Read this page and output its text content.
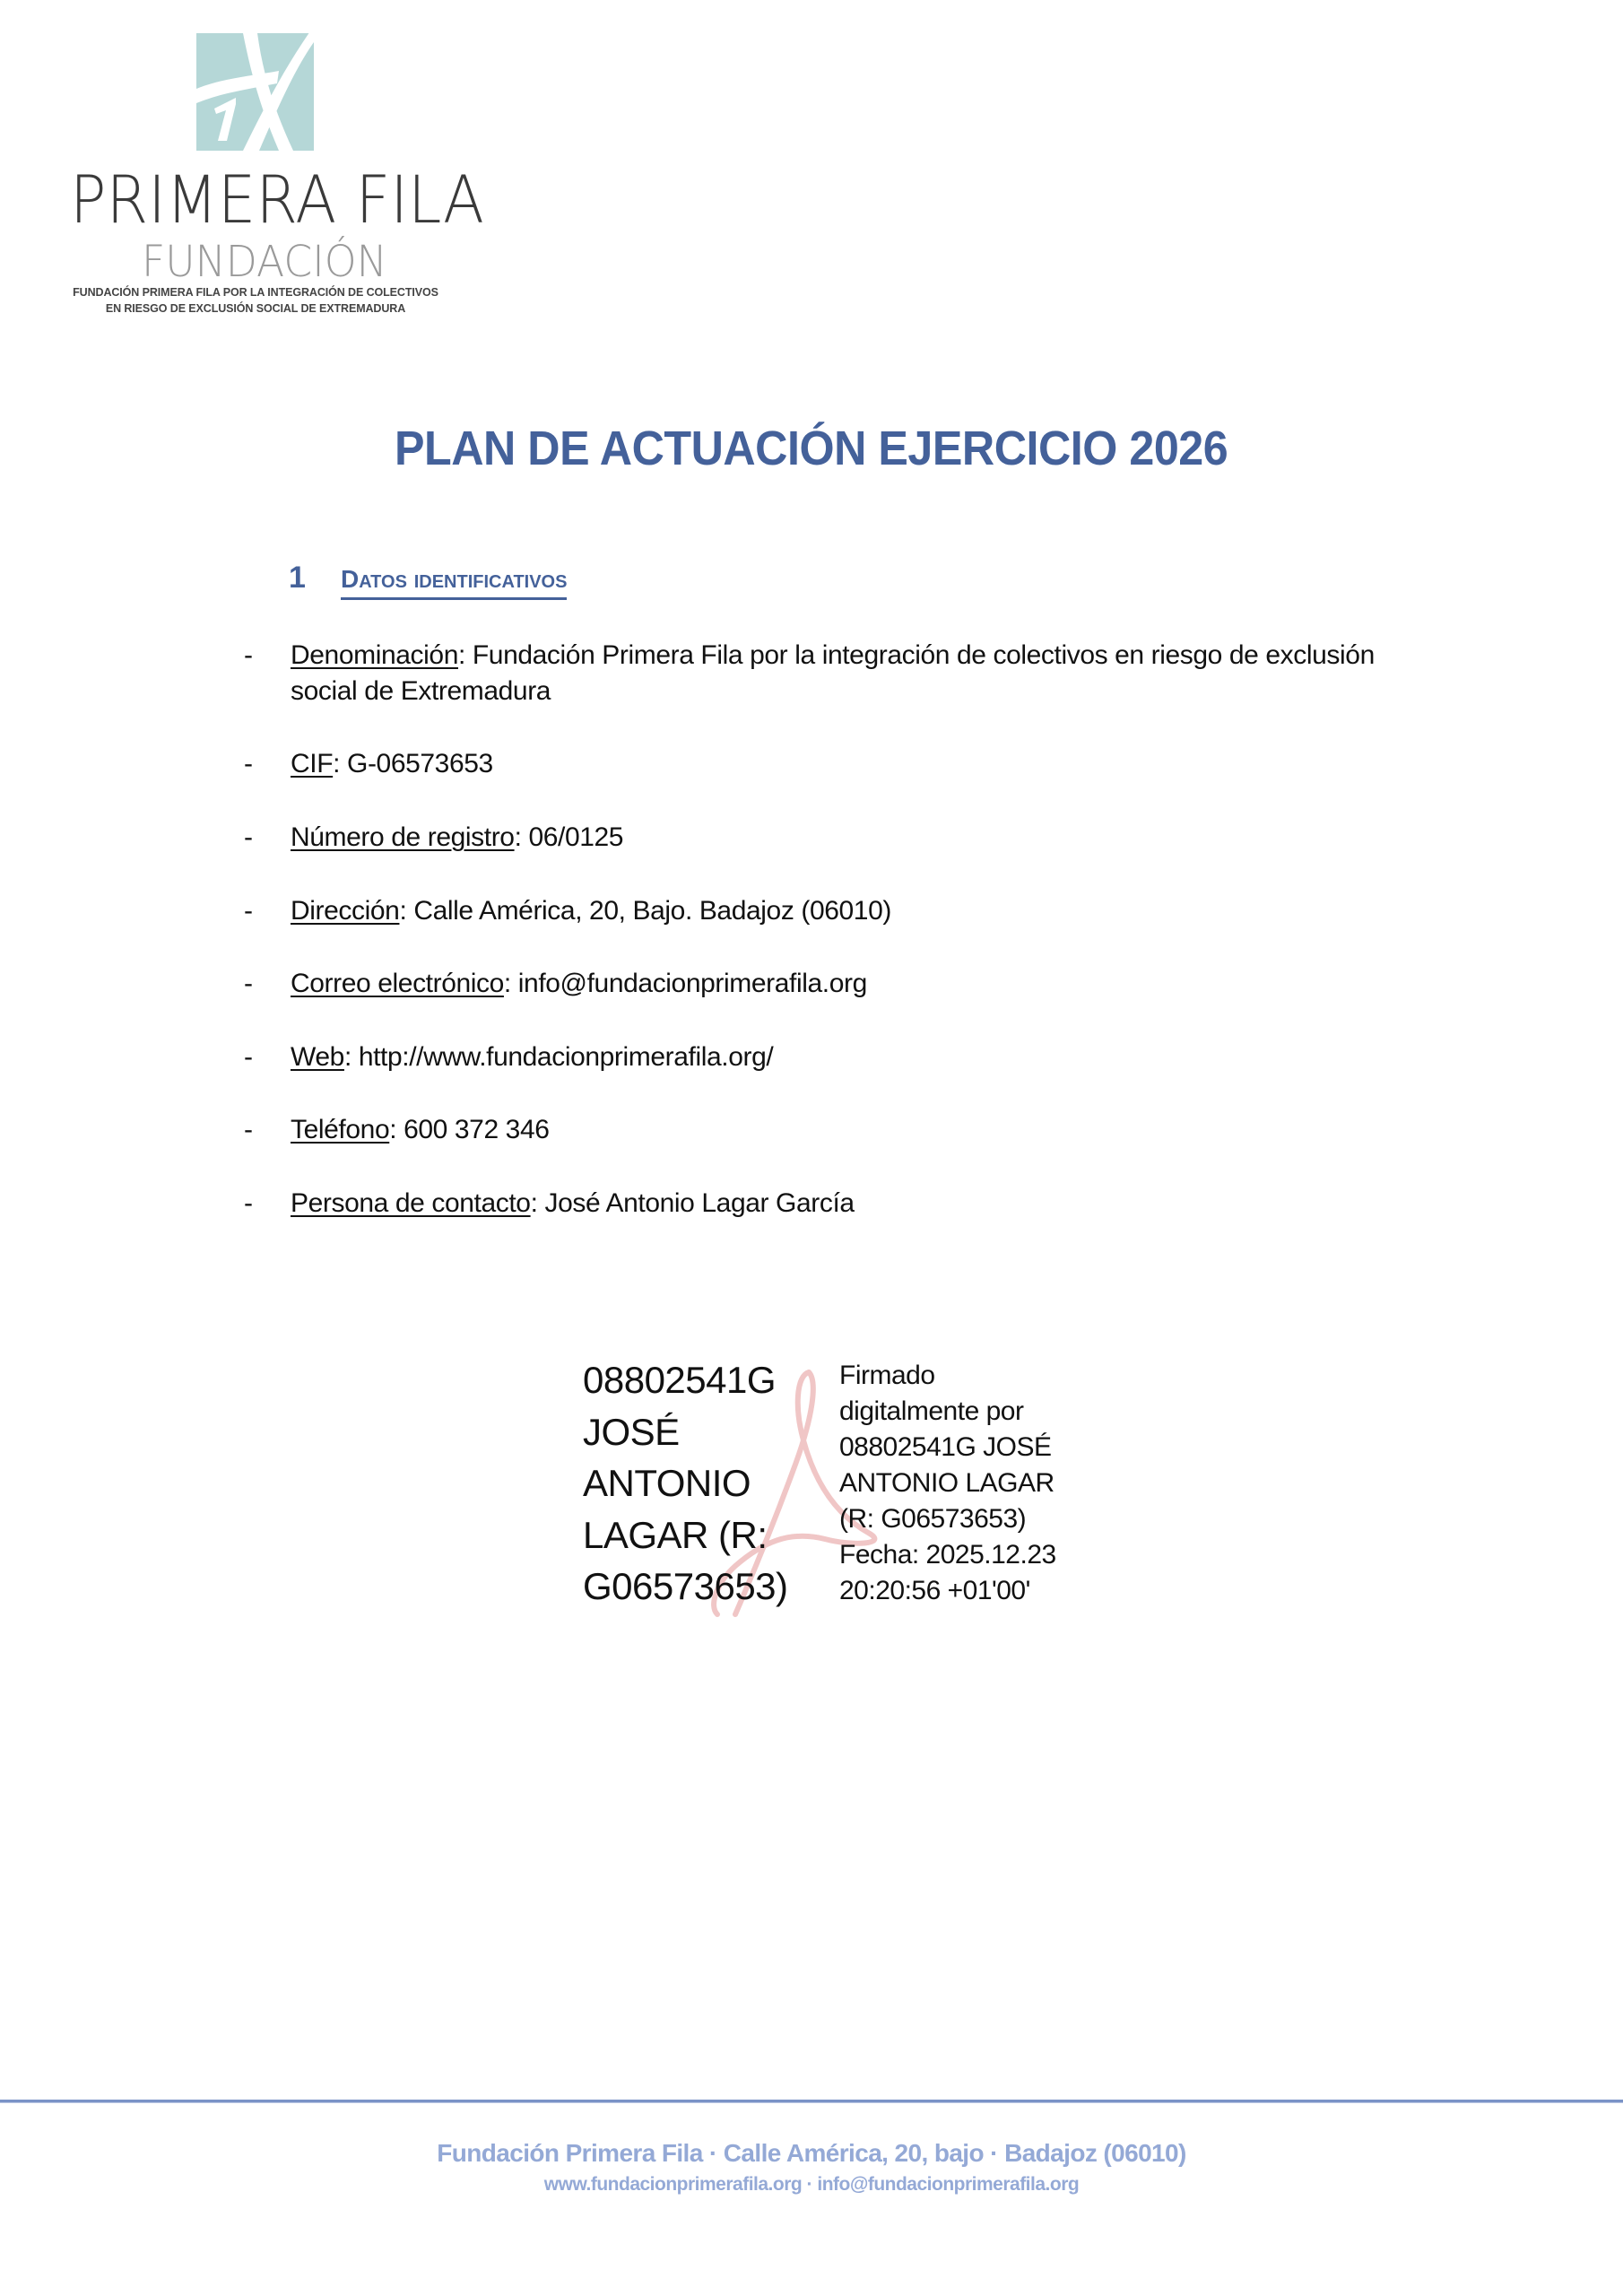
PRIMERA FILA
FUNDACIÓN
FUNDACIÓN PRIMERA FILA POR LA INTEGRACIÓN DE COLECTIVOS
EN RIESGO DE EXCLUSIÓN SOCIAL DE EXTREMADURA
PLAN DE ACTUACIÓN EJERCICIO 2026
1 Datos identificativos
- Denominación: Fundación Primera Fila por la integración de colectivos en riesgo de exclusión
social de Extremadura
- CIF: G-06573653
- Número de registro: 06/0125
- Dirección: Calle América, 20, Bajo. Badajoz (06010)
- Correo electrónico: info@fundacionprimerafila.org
- Web: http://www.fundacionprimerafila.org/
- Teléfono: 600 372 346
- Persona de contacto: José Antonio Lagar García
08802541G
JOSÉ
ANTONIO
LAGAR (R:
G06573653)
Firmado
digitalmente por
08802541G JOSÉ
ANTONIO LAGAR
(R: G06573653)
Fecha: 2025.12.23
20:20:56 +01'00'
Fundación Primera Fila · Calle América, 20, bajo · Badajoz (06010)
www.fundacionprimerafila.org · info@fundacionprimerafila.org
